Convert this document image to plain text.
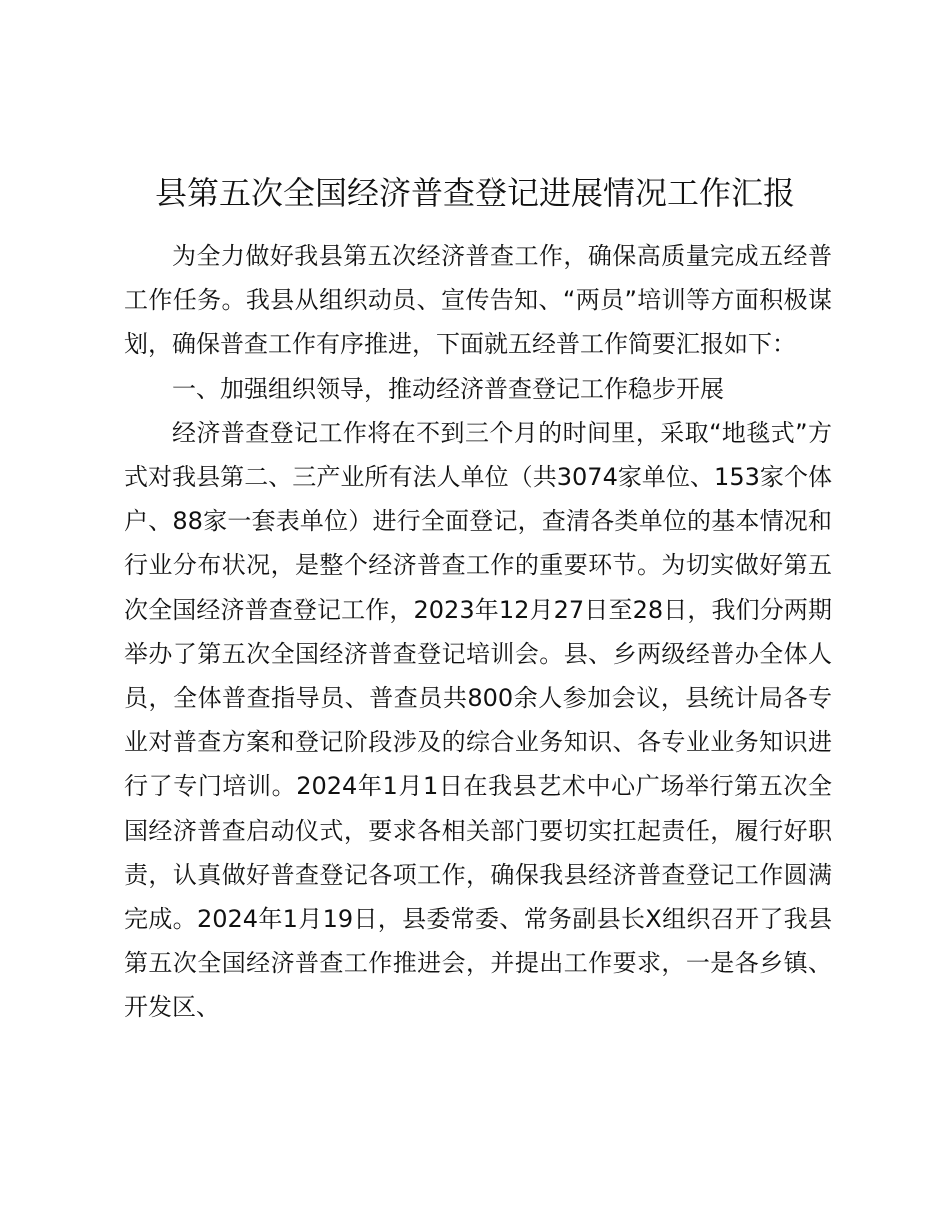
县第五次全国经济普查登记进展情况工作汇报

为全力做好我县第五次经济普查工作，确保高质量完成五经普工作任务。我县从组织动员、宣传告知、“两员”培训等方面积极谋划，确保普查工作有序推进，下面就五经普工作简要汇报如下：

一、加强组织领导，推动经济普查登记工作稳步开展

经济普查登记工作将在不到三个月的时间里，采取“地毯式”方式对我县第二、三产业所有法人单位（共3074家单位、153家个体户、88家一套表单位）进行全面登记，查清各类单位的基本情况和行业分布状况，是整个经济普查工作的重要环节。为切实做好第五次全国经济普查登记工作，2023年12月27日至28日，我们分两期举办了第五次全国经济普查登记培训会。县、乡两级经普办全体人员，全体普查指导员、普查员共800余人参加会议，县统计局各专业对普查方案和登记阶段涉及的综合业务知识、各专业业务知识进行了专门培训。2024年1月1日在我县艺术中心广场举行第五次全国经济普查启动仪式，要求各相关部门要切实扛起责任，履行好职责，认真做好普查登记各项工作，确保我县经济普查登记工作圆满完成。2024年1月19日，县委常委、常务副县长X组织召开了我县第五次全国经济普查工作推进会，并提出工作要求，一是各乡镇、开发区、
